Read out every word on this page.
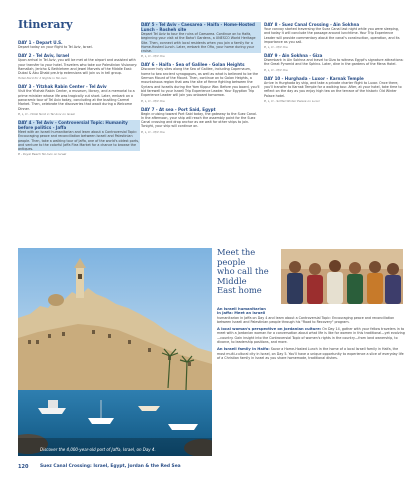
Itinerary
DAY 1 - Depart U.S.
Depart today on your flight to Tel Aviv, Israel.
DAY 2 - Tel Aviv, Israel
Upon arrival in Tel Aviv, you will be met at the airport and assisted with your transfer to your hotel. Travelers who take our Palestinian Visionary: Ramallah, Jericho & Bethlehem and Jewel Marvels of the Middle East: Dubai & Abu Dhabi pre-trip extensions will join us in tell group.
Hotel Nord for 2 Nights in Tel Aviv
DAY 3 - Yitzhak Rabin Center - Tel Aviv
Visit the Yitzhak Rabin Center, a museum, library, and a memorial to a prime minister whose life was tragically cut short. Later, embark on a panoramic tour of Tel Aviv today, concluding at the bustling Carmel Market. Then, celebrate the discoveries that await during a Welcome Dinner.
B, L, D - Hotel Nord in Tel Aviv on Israel
DAY 4 - Tel Aviv - Controversial Topic: Humanity before politics - Jaffa
Meet with an Israeli humanitarian and learn about a Controversial Topic: Encouraging peace and reconciliation between Israeli and Palestinian people. Then, take a walking tour of Jaffa, one of the world's oldest ports, and venture to the colorful Jaffa Flea Market for a chance to browse the antiques.
B - Royal Beach Tel Aviv on Israel
DAY 5 - Tel Aviv - Caesarea - Haifa - Home-Hosted Lunch - Rosheh site
Depart Tel Aviv to tour the ruins of Caesarea. Continue on to Haifa, beginning your visit at the Baha'i Gardens, a UNESCO World Heritage Site. Then, connect with local residents when you join a family for a Home-Hosted Lunch. Later, embark the Ofia, your home during your cruise.
B, L, D - M/V Oia
DAY 6 - Haifa - Sea of Galilee - Golan Heights
Discover holy sites along the Sea of Galilee, including Capernaum, home to two ancient synagogues, as well as what is believed to be the Sermon Mount of the Mount. Then, continue on to Golan Heights, a mountainous region that was the site of fierce fighting between the Syrians and Israelis during the Yom Kippur War. Before you board, you'll bid farewell to your Israeli Trip Experience Leader. Your Egyptian Trip Experience Leader will join you onboard tomorrow.
B, L, D - M/V Oia
DAY 7 - At sea - Port Said, Egypt
Begin cruising toward Port Said today, the gateway to the Suez Canal. In the afternoon, your ship will reach the assembly point for the Suez Canal crossing and drop anchor as we wait for other ships to join. Tonight, your ship will continue on.
B, L, D - M/V Oia
DAY 8 - Suez Canal Crossing - Ain Sokhna
Your convoy started traversing the Suez Canal last night while you were sleeping, and today it will conclude the passage around lunchtime. Your Trip Experience Leader will provide commentary about the canal's construction, operation, and its importance as you sail.
B, L, D - M/V Oia
DAY 9 - Ain Sokhna - Giza
Disembark in Ain Sokhna and travel to Giza to witness Egypt's signature attractions: the Great Pyramid and the Sphinx. Later, dine in the gardens of the Mena Hotel.
B, L, D - M/V Oia
DAY 10 - Hurghada - Luxor - Karnak Temple
Arrive in Hurghada by ship, and take a private charter flight to Luxor. Once there, you'll transfer to Karnak Temple for a walking tour. After, at your hotel, take time to reflect on the day as you enjoy high tea on the terrace of the historic Old Winter Palace hotel.
B, L, D - Sofitel Winter Palace on Luxor
Discover the 4,000-year-old port of Jaffa, Israel, on Day 4.
Meet the people
who call the Middle
East home
An Israeli humanitarian
in Jaffa: Meet an Israeli
humanitarian in Jaffa on Day 4 and learn about a Controversial Topic: Encouraging peace and reconciliation between Israeli and Palestinian people through his "Road to Recovery" program.
A local woman's perspective on Jordanian culture: On Day 14, gather with your fellow travelers in to meet with a Jordanian woman for a conversation about what life is like for women in this traditional—yet evolving—country. Gain insight into the Controversial Topic of women's rights in the country—from land ownership, to divorce, to leadership positions, and more.
An Israeli family in Haifa: Savor a Home-Hosted Lunch in the home of a local Israeli family in Haifa, the most multi-cultural city in Israel, on Day 5. You'll have a unique opportunity to experience a slice of everyday life of a Christian family in Israel as you share homemade, traditional dishes.
120	Suez Canal Crossing: Israel, Egypt, Jordan & the Red Sea
